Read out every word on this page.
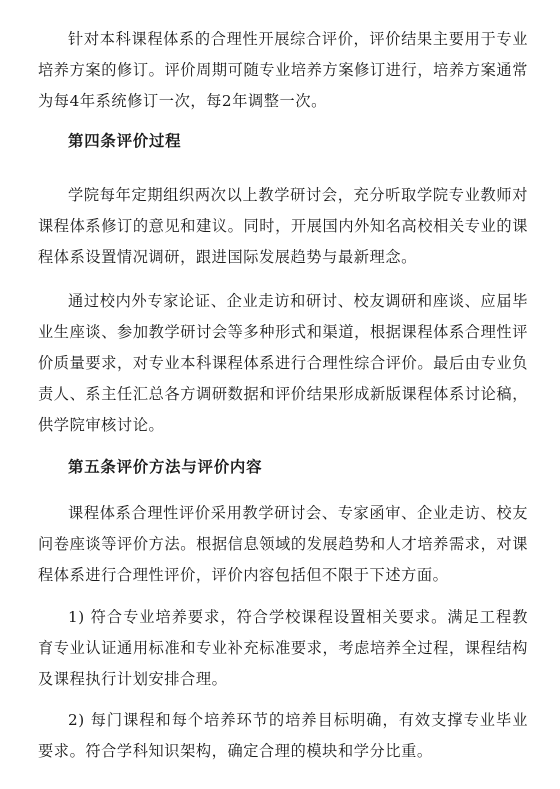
针对本科课程体系的合理性开展综合评价，评价结果主要用于专业培养方案的修订。评价周期可随专业培养方案修订进行，培养方案通常为每4年系统修订一次，每2年调整一次。

第四条评价过程

学院每年定期组织两次以上教学研讨会，充分听取学院专业教师对课程体系修订的意见和建议。同时，开展国内外知名高校相关专业的课程体系设置情况调研，跟进国际发展趋势与最新理念。

通过校内外专家论证、企业走访和研讨、校友调研和座谈、应届毕业生座谈、参加教学研讨会等多种形式和渠道，根据课程体系合理性评价质量要求，对专业本科课程体系进行合理性综合评价。最后由专业负责人、系主任汇总各方调研数据和评价结果形成新版课程体系讨论稿，供学院审核讨论。

第五条评价方法与评价内容

课程体系合理性评价采用教学研讨会、专家函审、企业走访、校友问卷座谈等评价方法。根据信息领域的发展趋势和人才培养需求，对课程体系进行合理性评价，评价内容包括但不限于下述方面。

1) 符合专业培养要求，符合学校课程设置相关要求。满足工程教育专业认证通用标准和专业补充标准要求，考虑培养全过程，课程结构及课程执行计划安排合理。

2) 每门课程和每个培养环节的培养目标明确，有效支撑专业毕业要求。符合学科知识架构，确定合理的模块和学分比重。
